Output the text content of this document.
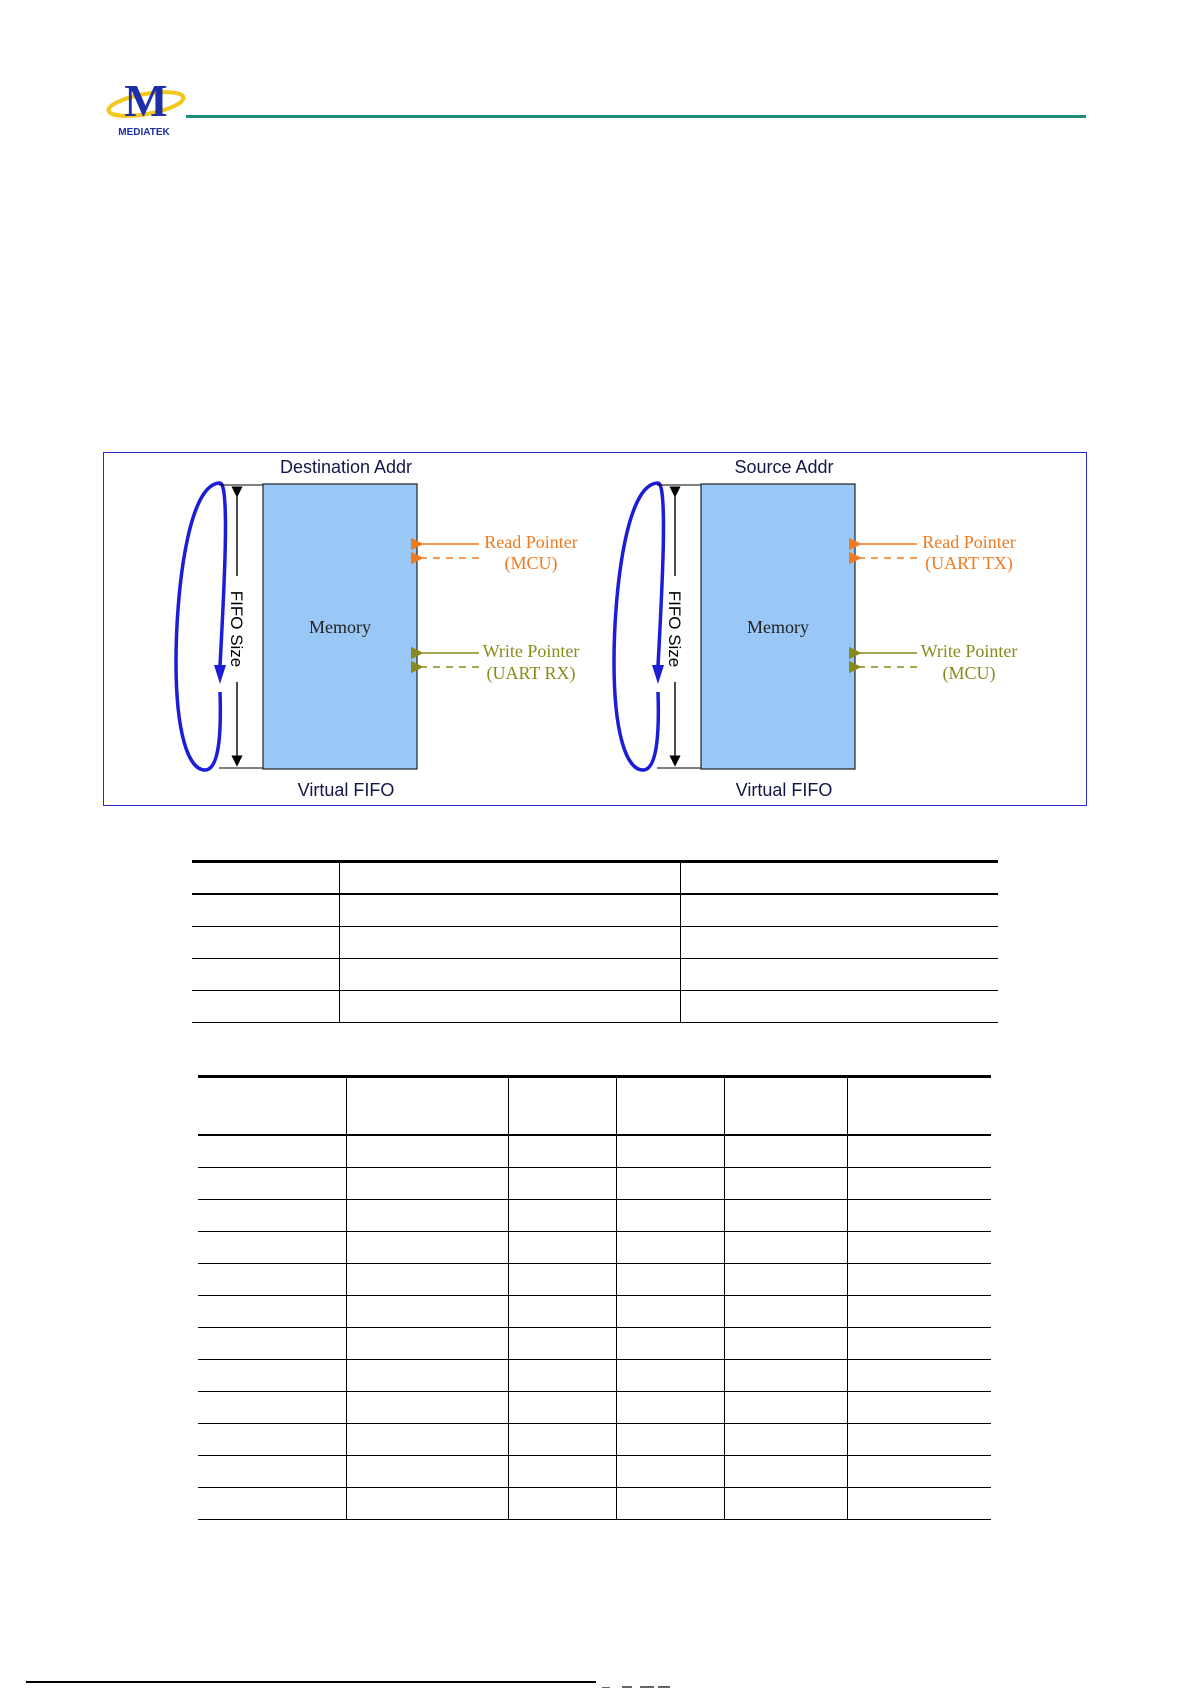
M
MEDIATEK
Destination Addr
Virtual FIFO
FIFO Size	Memory
Read Pointer
(MCU)
Write Pointer
(UART RX)
Source Addr
Virtual FIFO
FIFO Size	Memory
Read Pointer
(UART TX)
Write Pointer
(MCU)
